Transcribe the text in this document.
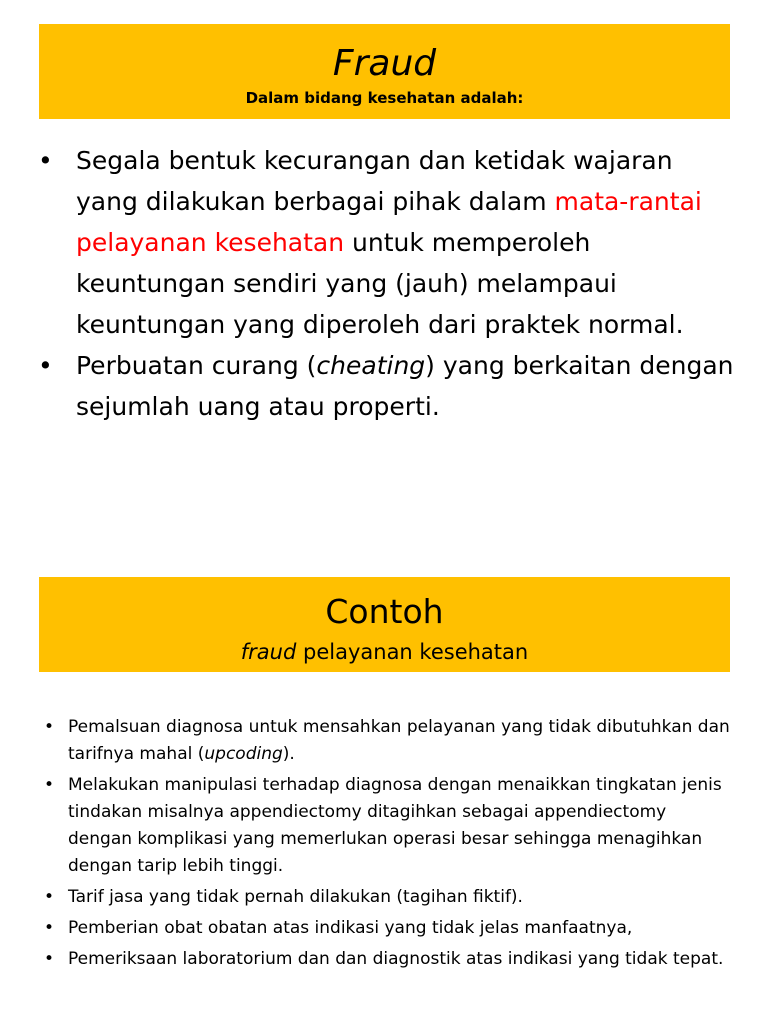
Fraud
Dalam bidang kesehatan adalah:
• Segala bentuk kecurangan dan ketidak wajaran yang dilakukan berbagai pihak dalam mata-rantai pelayanan kesehatan untuk memperoleh keuntungan sendiri yang (jauh) melampaui keuntungan yang diperoleh dari praktek normal.
• Perbuatan curang (cheating) yang berkaitan dengan sejumlah uang atau properti.
Contoh
fraud pelayanan kesehatan
• Pemalsuan diagnosa untuk mensahkan pelayanan yang tidak dibutuhkan dan tarifnya mahal (upcoding).
• Melakukan manipulasi terhadap diagnosa dengan menaikkan tingkatan jenis tindakan misalnya appendiectomy ditagihkan sebagai appendiectomy dengan komplikasi yang memerlukan operasi besar sehingga menagihkan dengan tarip lebih tinggi.
• Tarif jasa yang tidak pernah dilakukan (tagihan fiktif).
• Pemberian obat obatan atas indikasi yang tidak jelas manfaatnya,
• Pemeriksaan laboratorium dan dan diagnostik atas indikasi yang tidak tepat.
